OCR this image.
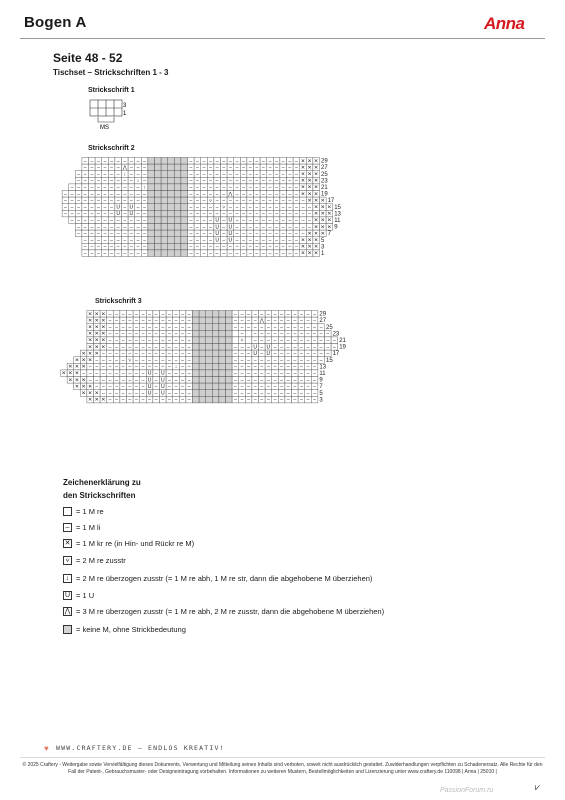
Bogen A	Anna
Seite 48 - 52
Tischset – Strickschriften 1 - 3
Strickschrift 1
3
1
MS
Strickschrift 2
– – – – – – – – – –	– – – – – – – – – – – – – – – – – ✕ ✕ ✕ 29
– – – – – – ⋀ – – –	– – – – – – – – – – – – – – – – – ✕ ✕ ✕ 27
– – – – – – – ↓ – – –	– – – – – – – – – – – – – – – – – ✕ ✕ ✕ 25
– – – – – – – – – ↓ –	– – – – – – – – – – – – – – – – – ✕ ✕ ✕ 23
– – – – – – – – – – – ↓	– – – – – – – – – – – – – – – – – ✕ ✕ ✕ 21
– – – – – – – – – – – – –	– – – – – – ⋀ – – – – – – – – – – ✕ ✕ ✕ 19
– – – – – – – – – – – – –	– – – ⩒ – – – – – – – – – – – – – – ✕ ✕ ✕ 17
– – – – – – – – U – U – –	– – – – – ⩒ – – – – – – – – – – – – – ✕ ✕ ✕ 15
– – – – – – – – U – U – –	– – – – – – – – – – – – – – – – – – – ✕ ✕ ✕ 13
– – – – – – – – – – – –	– – – – U – U – – – – – – – – – – – – ✕ ✕ ✕ 11
– – – – – – – – – – –	– – – – U – U – – – – – – – – – – – – ✕ ✕ ✕ 9
– – – – – – – – – – –	– – – – U – U – – – – – – – – – – – ✕ ✕ ✕ 7
– – – – – – – – – –	– – – – U – U – – – – – – – – – – ✕ ✕ ✕ 5
– – – – – – – – – –	– – – – – – – – – – – – – – – – – ✕ ✕ ✕ 3
– – – – – – – – – –	– – – – – – – – – – – – – – – – – ✕ ✕ ✕ 1
Strickschrift 3
✕ ✕ ✕ – – – – – – – – – – – – –	– – – – – – – – – – – – – 29
✕ ✕ ✕ – – – – – – – – – – – – –	– – – – ⋀ – – – – – – – – 27
✕ ✕ ✕ – – – – – – – – – – – – –	– – – – – – – – – – – – – – 25
✕ ✕ ✕ – – – – – – – – – – – – –	– – – – – – – – – – – – – 23
✕ ✕ ✕ – – – – – – – – – – – – –	⩒ – – – – – – – – – – – – – 21
✕ ✕ ✕ – – – – – – – – – – – – –	– – – U – U – – – – – – – – – – 19
✕ ✕ ✕ – – – – – – – – – – – – – –	– – – U – U – – – – – – – – – 17
✕ ✕ ✕ – – – – – ⩒ – – – – – – – – –	– – – – – – – – – – – – – – 15
✕ ✕ ✕ – – – – – – – – – – – – – ↓ – –	– – – – – – – – – – – – – 13
✕ ✕ ✕ – – – – – – – – – – U – U – – – –	– – – – – – – – – – – – – 11
✕ ✕ ✕ – – – – – – – – – U – U – – – –	– – – – – – – – – – – – – 9
✕ ✕ ✕ – – – – – – – – U – U – – – –	– – – – – – – – – – – – – 7
✕ ✕ ✕ – – – – – – – U – U – – – –	– – – – – – – – – – – – – 5
✕ ✕ ✕ – – – – – – – – – – – – –	– – – – – – – – – – – – – 3
Zeichenerklärung zu
den Strickschriften
= 1 M re
– = 1 M li
✕ = 1 M kr re (in Hin- und Rückr re M)
⩒ = 2 M re zusstr
↓ = 2 M re überzogen zusstr (= 1 M re abh, 1 M re str, dann die abgehobene M überziehen)
U = 1 U
⋀ = 3 M re überzogen zusstr (= 1 M re abh, 2 M re zusstr, dann die abgehobene M überziehen)
= keine M, ohne Strickbedeutung
♥ WWW.CRAFTERY.DE – ENDLOS KREATIV!
© 2025 Craftery - Weitergabe sowie Vervielfältigung dieses Dokuments, Verwertung und Mitteilung seines Inhalts sind verboten, soweit nicht ausdrücklich gestattet. Zuwiderhandlungen verpflichten zu Schadenersatz. Alle Rechte für den Fall der Patent-, Gebrauchsmuster- oder Designeintragung vorbehalten. Informationen zu weiteren Mustern, Bestellmöglichkeiten und Lizenzierung unter www.craftery.de 110098 | Anna | 25010 |
PassionForum.ru	⩗
